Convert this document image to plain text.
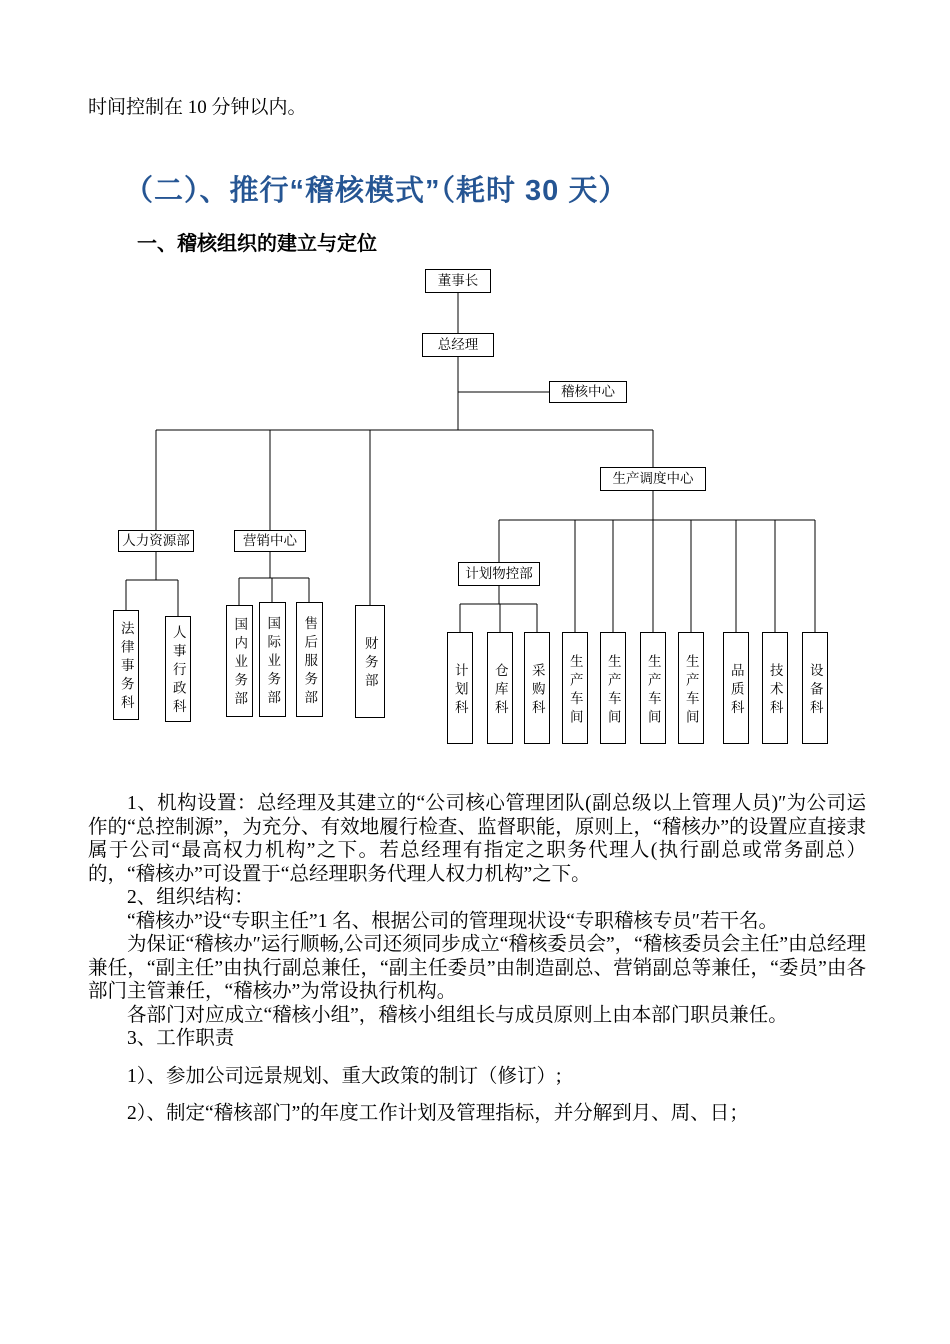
时间控制在 10 分钟以内。

（二）、推行“稽核模式”（耗时 30 天）
一、稽核组织的建立与定位
董事长
总经理
稽核中心
生产调度中心
人力资源部	营销中心
计划物控部
法律事务科	人事行政科	国内业务部	国际业务部	售后服务部	财务部	计划科	仓库科	采购科	生产车间	生产车间	生产车间	生产车间	品质科	技术科	设备科

1、机构设置：总经理及其建立的“公司核心管理团队(副总级以上管理人员)″为公司运作的“总控制源”，为充分、有效地履行检查、监督职能，原则上，“稽核办”的设置应直接隶属于公司“最高权力机构”之下。若总经理有指定之职务代理人(执行副总或常务副总）的，“稽核办”可设置于“总经理职务代理人权力机构”之下。

2、组织结构：

“稽核办”设“专职主任”1 名、根据公司的管理现状设“专职稽核专员″若干名。

为保证“稽核办″运行顺畅,公司还须同步成立“稽核委员会”，“稽核委员会主任”由总经理兼任，“副主任”由执行副总兼任，“副主任委员”由制造副总、营销副总等兼任，“委员”由各部门主管兼任，“稽核办”为常设执行机构。

各部门对应成立“稽核小组”，稽核小组组长与成员原则上由本部门职员兼任。

3、工作职责

1）、参加公司远景规划、重大政策的制订（修订）;

2）、制定“稽核部门”的年度工作计划及管理指标，并分解到月、周、日；
